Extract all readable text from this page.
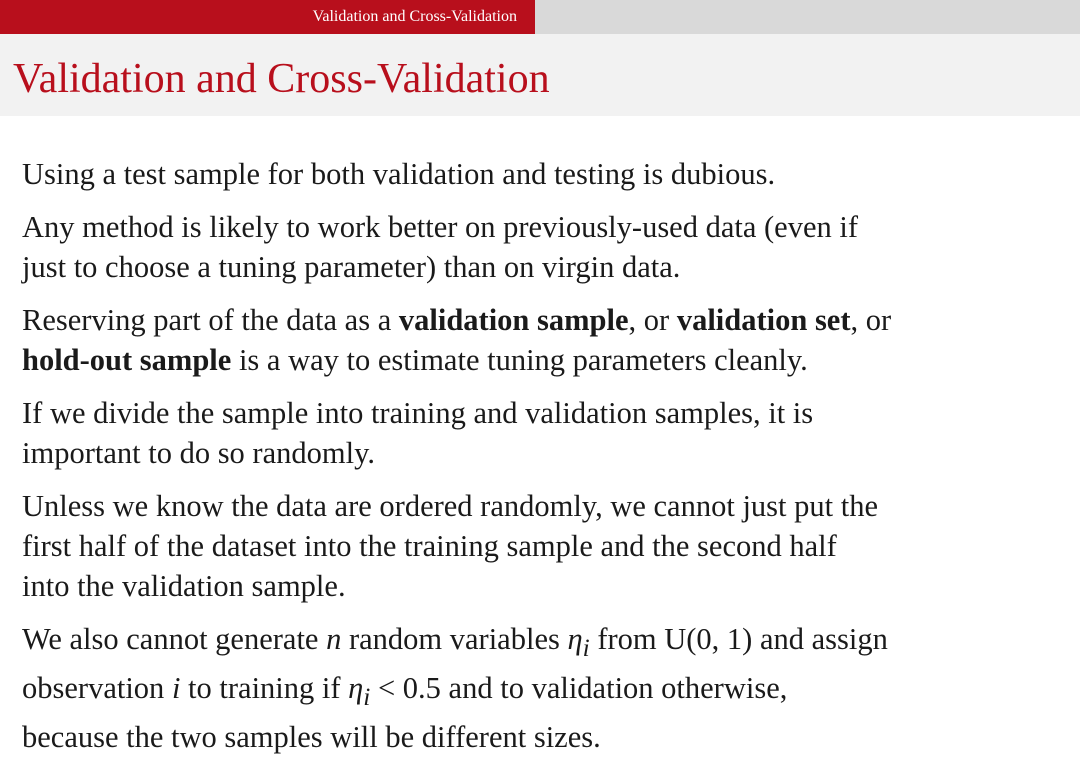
Validation and Cross-Validation
Validation and Cross-Validation

Using a test sample for both validation and testing is dubious.

Any method is likely to work better on previously-used data (even if
just to choose a tuning parameter) than on virgin data.

Reserving part of the data as a validation sample, or validation set, or
hold-out sample is a way to estimate tuning parameters cleanly.

If we divide the sample into training and validation samples, it is
important to do so randomly.

Unless we know the data are ordered randomly, we cannot just put the
first half of the dataset into the training sample and the second half
into the validation sample.

We also cannot generate n random variables $\eta_i$ from U(0, 1) and assign
observation i to training if $\eta_i < 0.5$ and to validation otherwise,
because the two samples will be different sizes.
